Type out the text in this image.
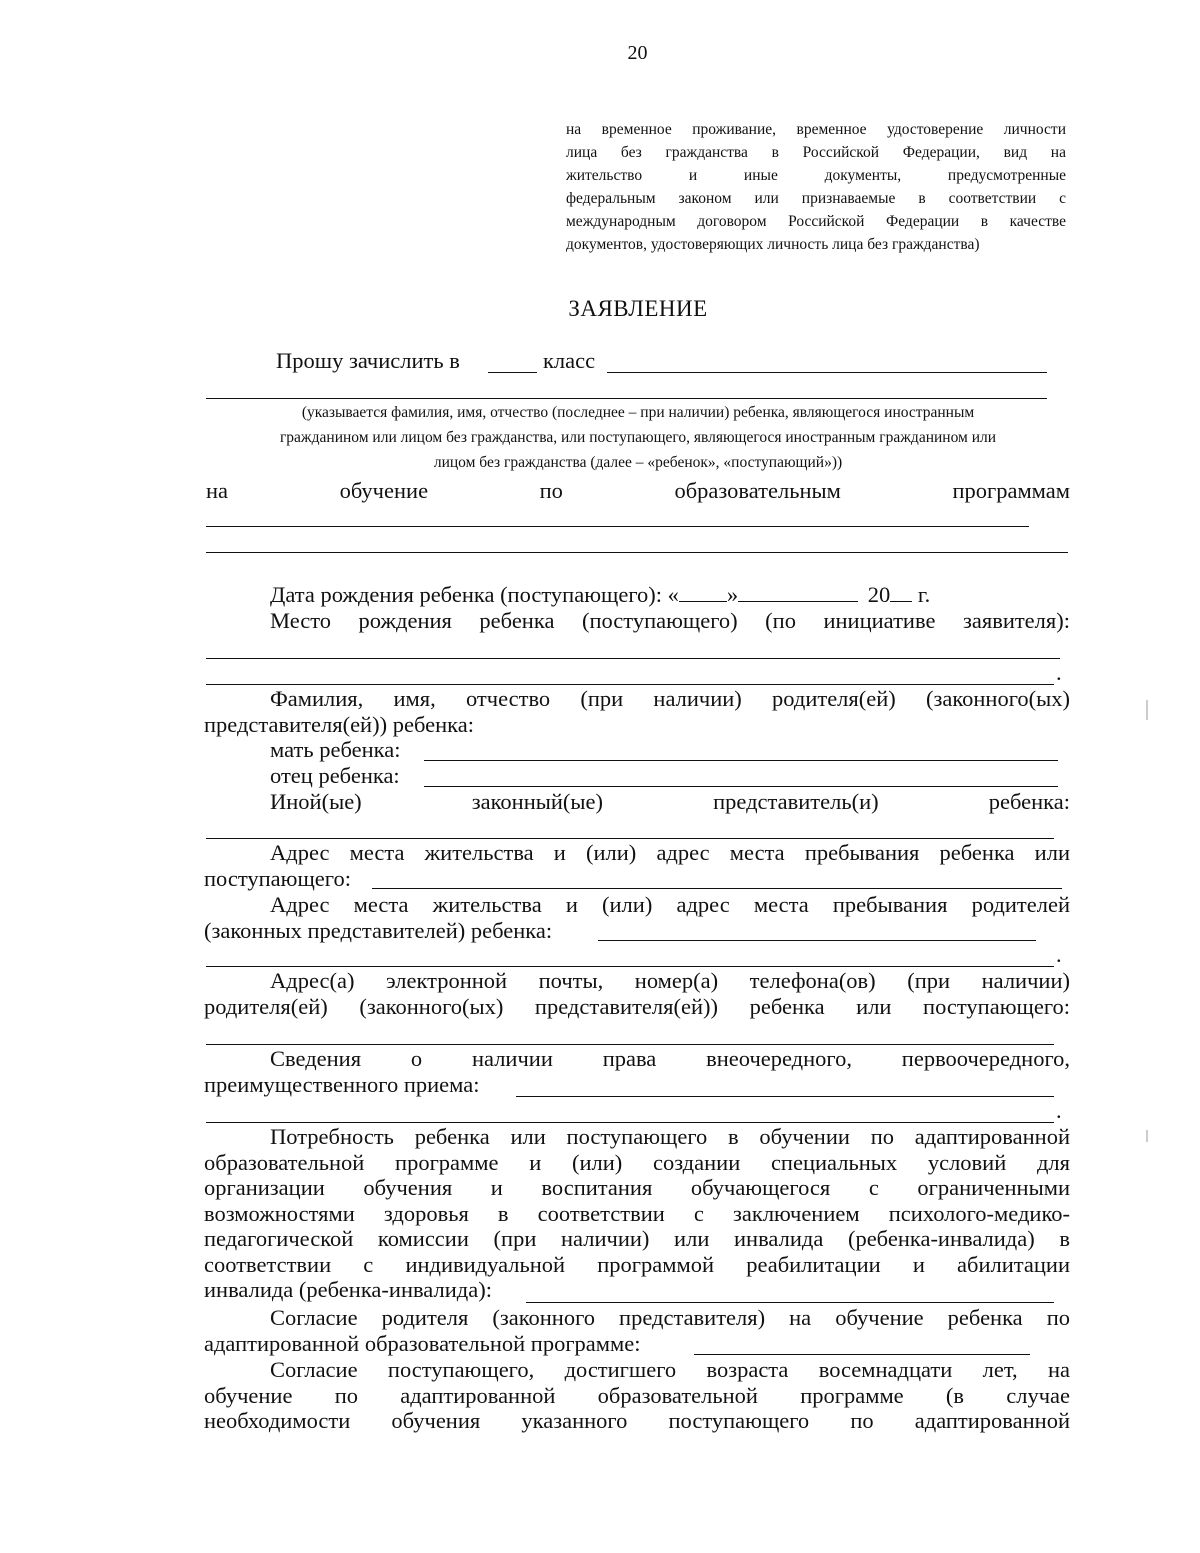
20
на временное проживание, временное удостоверение личности
лица без гражданства в Российской Федерации, вид на
жительство и иные документы, предусмотренные
федеральным законом или признаваемые в соответствии с
международным договором Российской Федерации в качестве
документов, удостоверяющих личность лица без гражданства)
ЗАЯВЛЕНИЕ
Прошу зачислить в	класс
(указывается фамилия, имя, отчество (последнее – при наличии) ребенка, являющегося иностранным
гражданином или лицом без гражданства, или поступающего, являющегося иностранным гражданином или
лицом без гражданства (далее – «ребенок», «поступающий»))
на	обучение	по	образовательным	программам
Дата рождения ребенка (поступающего): « »	20 г.
Место рождения ребенка (поступающего) (по инициативе заявителя):
.
Фамилия, имя, отчество (при наличии) родителя(ей) (законного(ых)
представителя(ей)) ребенка:
мать ребенка:
отец ребенка:
Иной(ые)	законный(ые)	представитель(и)	ребенка:
Адрес места жительства и (или) адрес места пребывания ребенка или
поступающего:
Адрес места жительства и (или) адрес места пребывания родителей
(законных представителей) ребенка:
.
Адрес(а) электронной почты, номер(а) телефона(ов) (при наличии)
родителя(ей) (законного(ых) представителя(ей)) ребенка или поступающего:
Сведения о наличии права внеочередного, первоочередного,
преимущественного приема:
.
Потребность ребенка или поступающего в обучении по адаптированной
образовательной программе и (или) создании специальных условий для
организации обучения и воспитания обучающегося с ограниченными
возможностями здоровья в соответствии с заключением психолого-медико-
педагогической комиссии (при наличии) или инвалида (ребенка-инвалида) в
соответствии с индивидуальной программой реабилитации и абилитации
инвалида (ребенка-инвалида):
Согласие родителя (законного представителя) на обучение ребенка по
адаптированной образовательной программе:
Согласие поступающего, достигшего возраста восемнадцати лет, на
обучение по адаптированной образовательной программе (в случае
необходимости обучения указанного поступающего по адаптированной
